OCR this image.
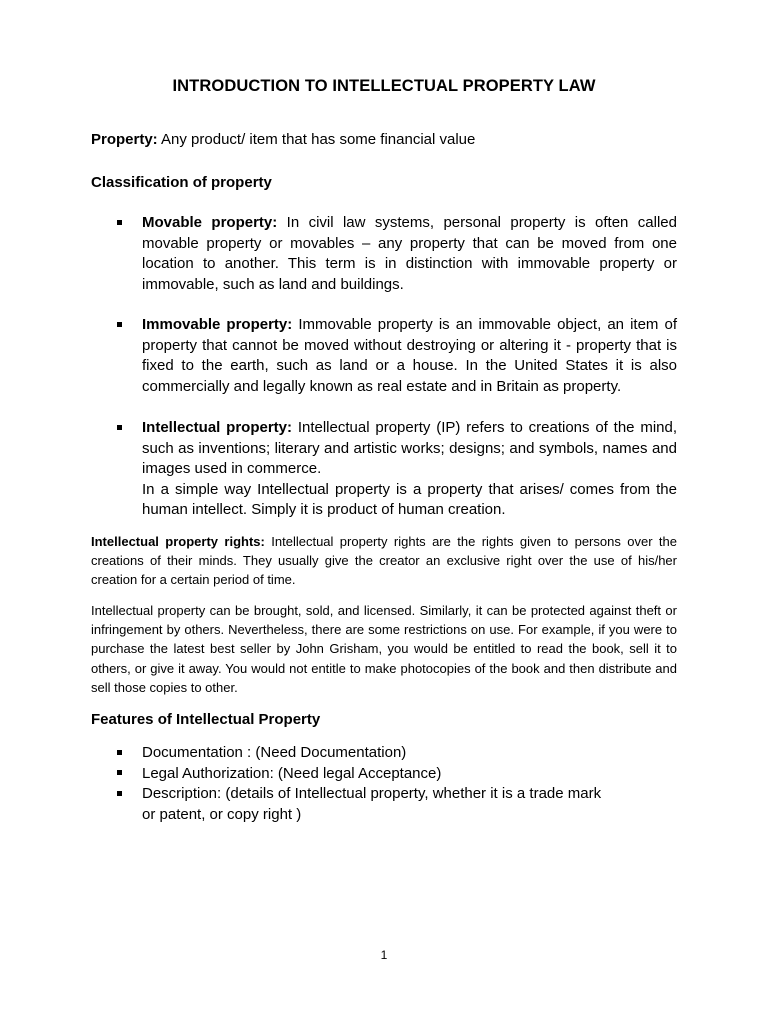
INTRODUCTION TO INTELLECTUAL PROPERTY LAW
Property: Any product/ item that has some financial value
Classification of property
Movable property: In civil law systems, personal property is often called movable property or movables – any property that can be moved from one location to another. This term is in distinction with immovable property or immovable, such as land and buildings.
Immovable property: Immovable property is an immovable object, an item of property that cannot be moved without destroying or altering it - property that is fixed to the earth, such as land or a house. In the United States it is also commercially and legally known as real estate and in Britain as property.
Intellectual property: Intellectual property (IP) refers to creations of the mind, such as inventions; literary and artistic works; designs; and symbols, names and images used in commerce.
In a simple way Intellectual property is a property that arises/ comes from the human intellect. Simply it is product of human creation.
Intellectual property rights: Intellectual property rights are the rights given to persons over the creations of their minds. They usually give the creator an exclusive right over the use of his/her creation for a certain period of time.
Intellectual property can be brought, sold, and licensed. Similarly, it can be protected against theft or infringement by others. Nevertheless, there are some restrictions on use. For example, if you were to purchase the latest best seller by John Grisham, you would be entitled to read the book, sell it to others, or give it away. You would not entitle to make photocopies of the book and then distribute and sell those copies to other.
Features of Intellectual Property
Documentation : (Need Documentation)
Legal Authorization: (Need legal Acceptance)
Description: (details of Intellectual property, whether it is a trade mark or patent, or copy right )
1
